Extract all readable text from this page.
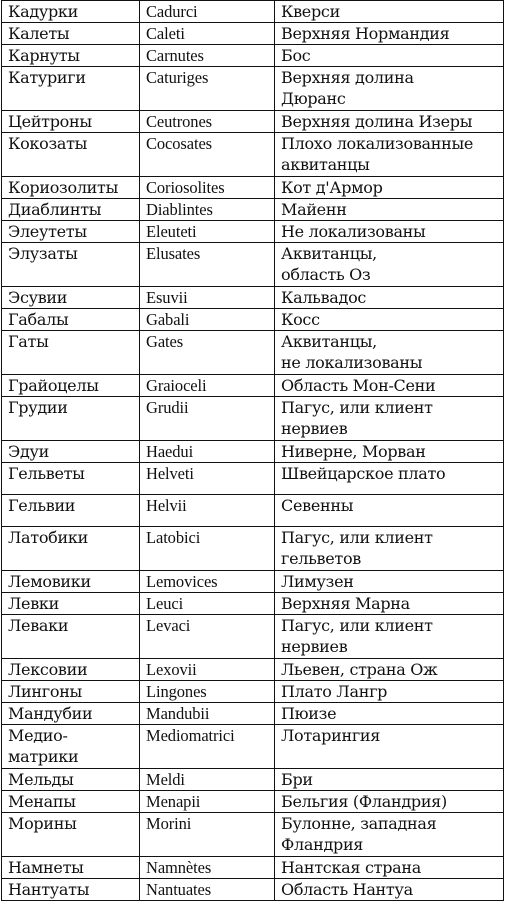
Кадурки	Cadurci	Кверси

Калеты	Caleti	Верхняя Нормандия

Карнуты	Carnutes	Бос

Катуриги	Caturiges	Верхняя долина
Дюранс

Цейтроны	Ceutrones	Верхняя долина Изеры

Кокозаты	Cocosates	Плохо локализованные
аквитанцы

Кориозолиты	Coriosolites	Кот д'Армор

Диаблинты	Diablintes	Майенн

Элеутеты	Eleuteti	Не локализованы

Элузаты	Elusates	Аквитанцы,
область Оз

Эсувии	Esuvii	Кальвадос

Габалы	Gabali	Косс

Гаты	Gates	Аквитанцы,
не локализованы

Грайоцелы	Graioceli	Область Мон-Сени

Грудии	Grudii	Пагус, или клиент
нервиев

Эдуи	Haedui	Ниверне, Морван

Гельветы	Helveti	Швейцарское плато

Гельвии	Helvii	Севенны

Латобики	Latobici	Пагус, или клиент
гельветов

Лемовики	Lemovices	Лимузен

Левки	Leuci	Верхняя Марна

Леваки	Levaci	Пагус, или клиент
нервиев

Лексовии	Lexovii	Льевен, страна Ож

Лингоны	Lingones	Плато Лангр

Мандубии	Mandubii	Пюизе

Медио-
матрики	Mediomatrici	Лотарингия

Мельды	Meldi	Бри

Менапы	Menapii	Бельгия (Фландрия)

Морины	Morini	Булонне, западная
Фландрия

Намнеты	Namnètes	Нантская страна

Нантуаты	Nantuates	Область Нантуа
